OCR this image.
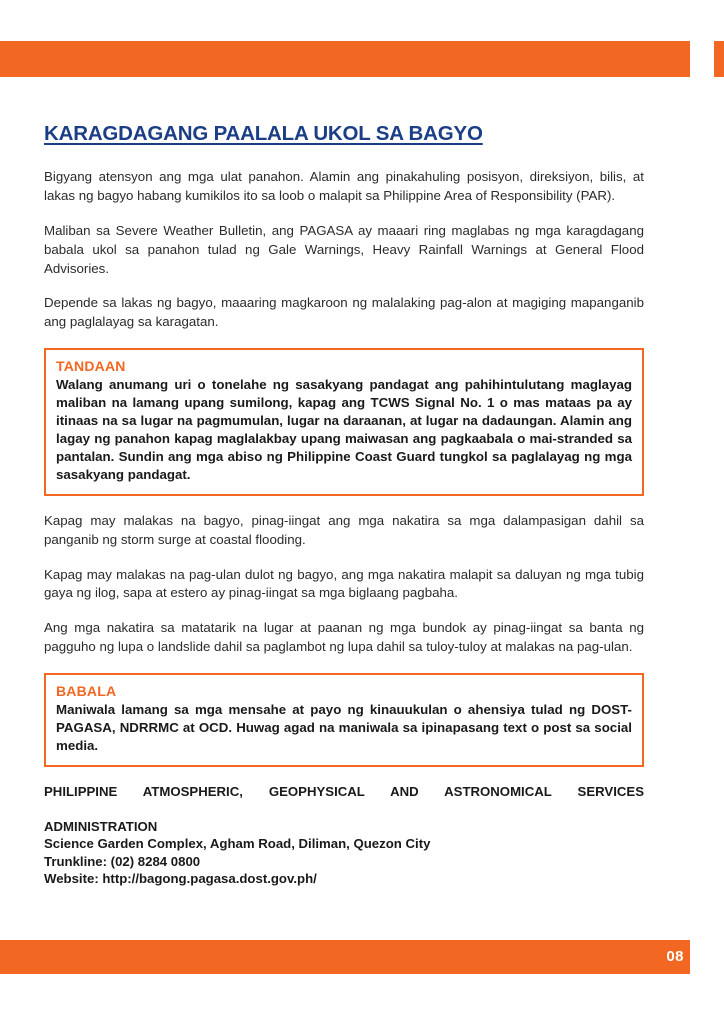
KARAGDAGANG PAALALA UKOL SA BAGYO

Bigyang atensyon ang mga ulat panahon. Alamin ang pinakahuling posisyon, direksiyon, bilis, at lakas ng bagyo habang kumikilos ito sa loob o malapit sa Philippine Area of Responsibility (PAR).

Maliban sa Severe Weather Bulletin, ang PAGASA ay maaari ring maglabas ng mga karagdagang babala ukol sa panahon tulad ng Gale Warnings, Heavy Rainfall Warnings at General Flood Advisories.

Depende sa lakas ng bagyo, maaaring magkaroon ng malalaking pag-alon at magiging mapanganib ang paglalayag sa karagatan.

TANDAAN

Walang anumang uri o tonelahe ng sasakyang pandagat ang pahihintulutang maglayag maliban na lamang upang sumilong, kapag ang TCWS Signal No. 1 o mas mataas pa ay itinaas na sa lugar na pagmumulan, lugar na daraanan, at lugar na dadaungan. Alamin ang lagay ng panahon kapag maglalakbay upang maiwasan ang pagkaabala o mai-stranded sa pantalan. Sundin ang mga abiso ng Philippine Coast Guard tungkol sa paglalayag ng mga sasakyang pandagat.

Kapag may malakas na bagyo, pinag-iingat ang mga nakatira sa mga dalampasigan dahil sa panganib ng storm surge at coastal flooding.

Kapag may malakas na pag-ulan dulot ng bagyo, ang mga nakatira malapit sa daluyan ng mga tubig gaya ng ilog, sapa at estero ay pinag-iingat sa mga biglaang pagbaha.

Ang mga nakatira sa matatarik na lugar at paanan ng mga bundok ay pinag-iingat sa banta ng pagguho ng lupa o landslide dahil sa paglambot ng lupa dahil sa tuloy-tuloy at malakas na pag-ulan.

BABALA

Maniwala lamang sa mga mensahe at payo ng kinauukulan o ahensiya tulad ng DOST-PAGASA, NDRRMC at OCD. Huwag agad na maniwala sa ipinapasang text o post sa social media.

PHILIPPINE ATMOSPHERIC, GEOPHYSICAL AND ASTRONOMICAL SERVICES

ADMINISTRATION

Science Garden Complex, Agham Road, Diliman, Quezon City

Trunkline: (02) 8284 0800

Website: http://bagong.pagasa.dost.gov.ph/

08
